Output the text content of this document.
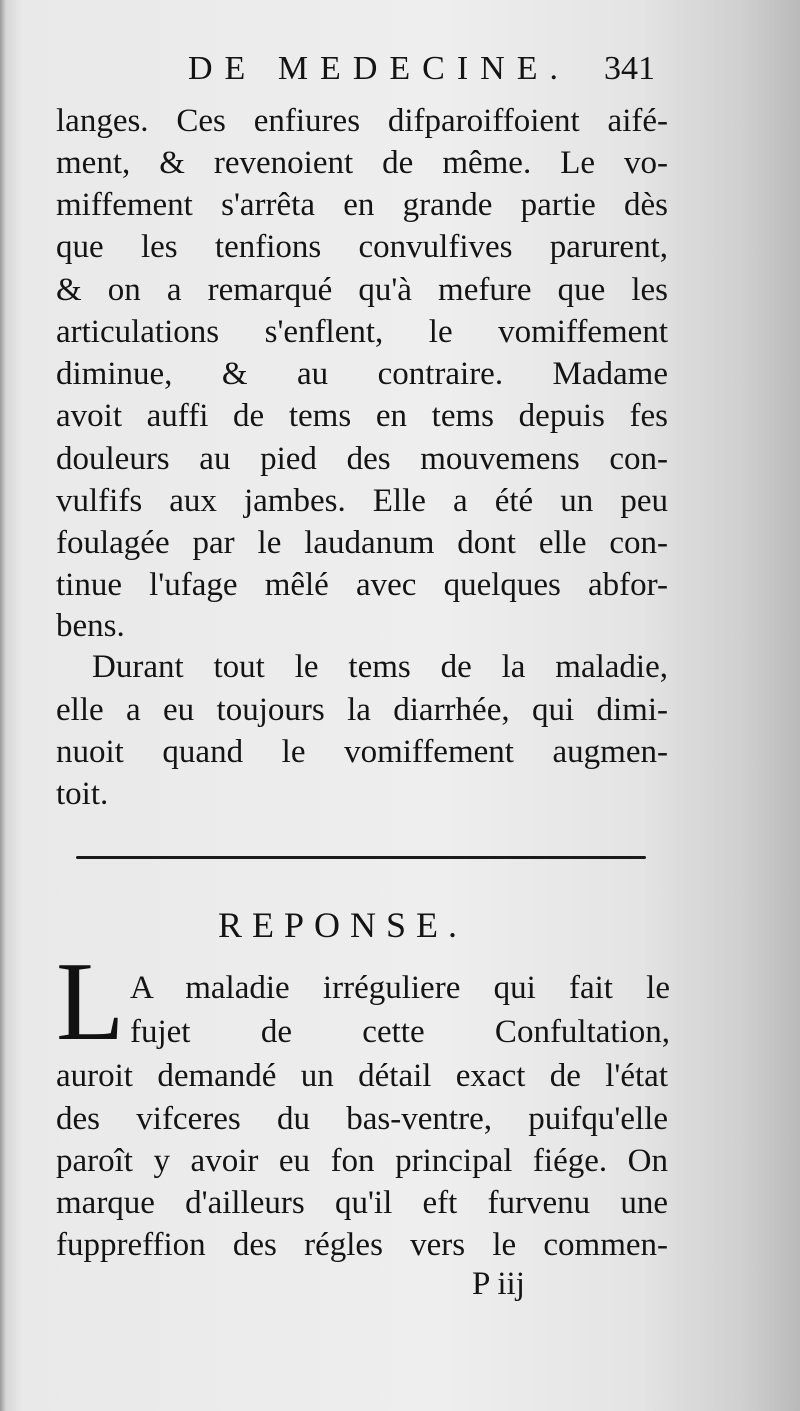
DE MEDECINE. 341

langes. Ces enfiures difparoiffoient aifé-

ment, & revenoient de même. Le vo-

miffement s'arrêta en grande partie dès

que les tenfions convulfives parurent,

& on a remarqué qu'à mefure que les

articulations s'enflent, le vomiffement

diminue, & au contraire. Madame

avoit auffi de tems en tems depuis fes

douleurs au pied des mouvemens con-

vulfifs aux jambes. Elle a été un peu

foulagée par le laudanum dont elle con-

tinue l'ufage mêlé avec quelques abfor-

bens.

Durant tout le tems de la maladie,

elle a eu toujours la diarrhée, qui dimi-

nuoit quand le vomiffement augmen-

toit.

REPONSE.
L A maladie irréguliere qui fait le

fujet de cette Confultation,

auroit demandé un détail exact de l'état

des vifceres du bas-ventre, puifqu'elle

paroît y avoir eu fon principal fiége. On

marque d'ailleurs qu'il eft furvenu une

fuppreffion des régles vers le commen-

P iij
